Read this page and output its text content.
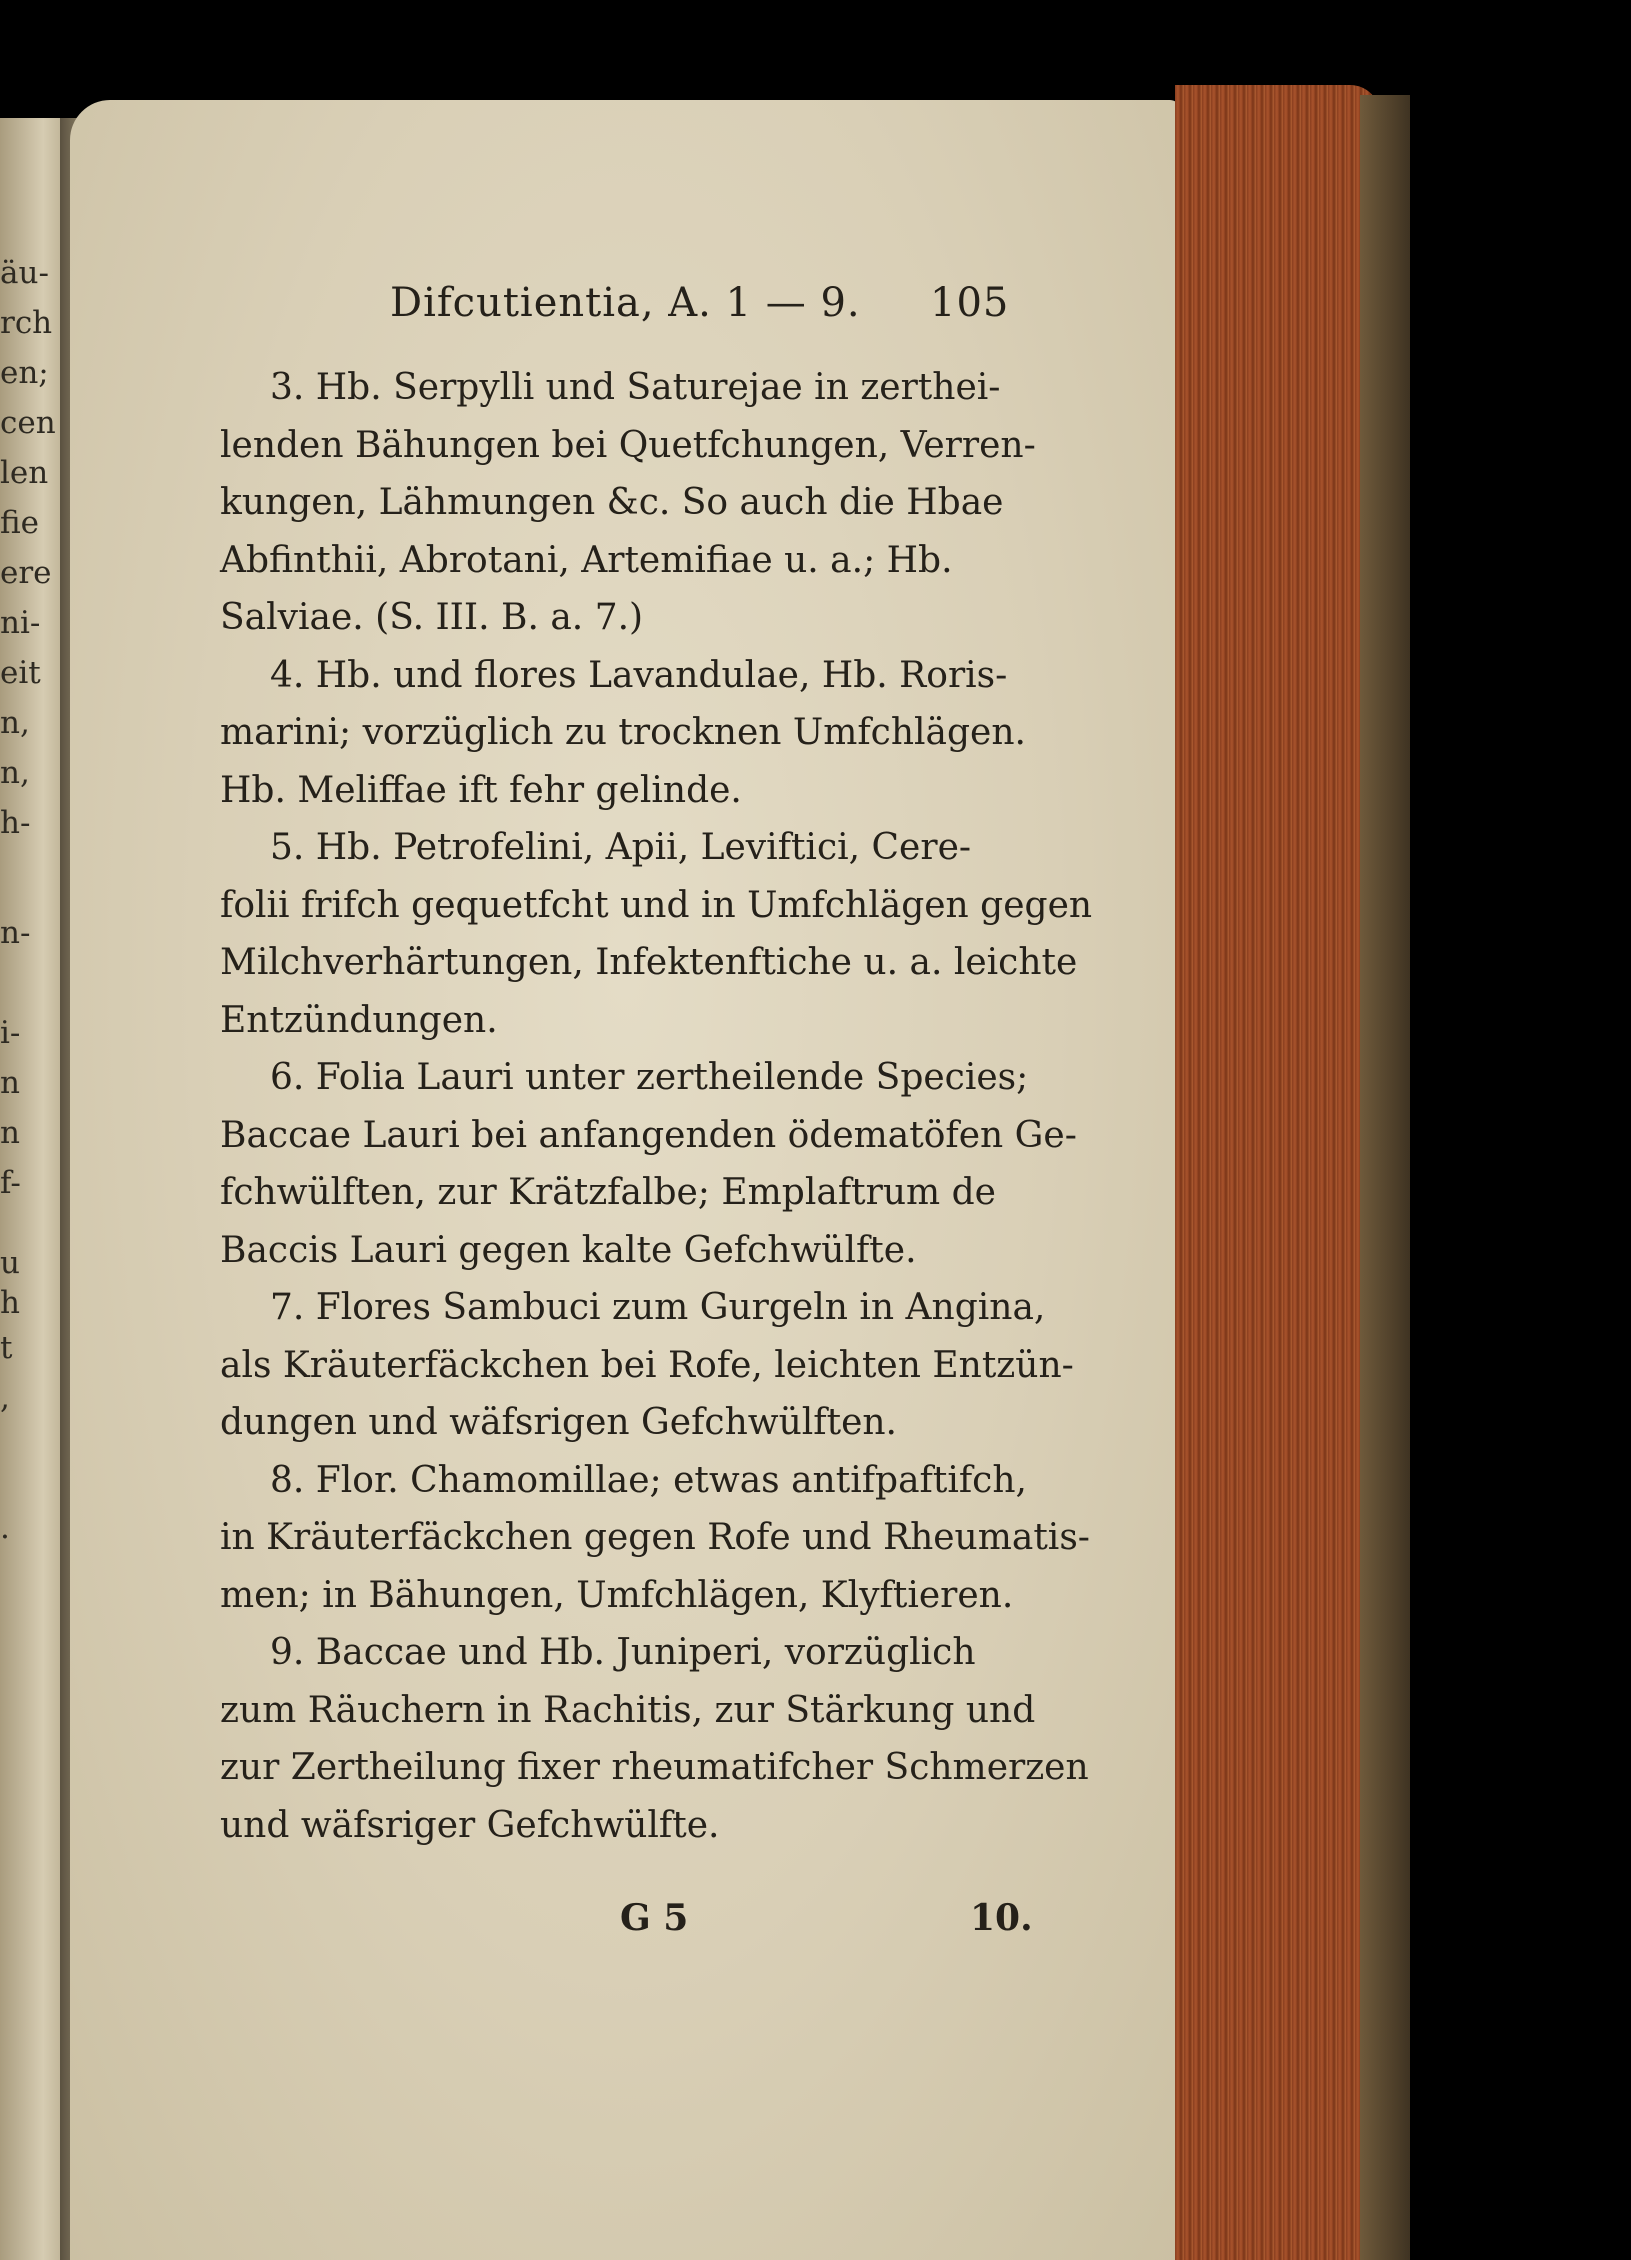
äu-
rch
en;
cen
len
fie
ere
ni-
eit
n,
n,
h-
n-
i-
n
n
f-
u
h
t
,
.
Difcutientia, A. 1 — 9. 105
3. Hb. Serpylli und Saturejae in zerthei-
lenden Bähungen bei Quetfchungen, Verren-
kungen, Lähmungen &c. So auch die Hbae
Abfinthii, Abrotani, Artemifiae u. a.; Hb.
Salviae. (S. III. B. a. 7.)
4. Hb. und flores Lavandulae, Hb. Roris-
marini; vorzüglich zu trocknen Umfchlägen.
Hb. Meliffae ift fehr gelinde.
5. Hb. Petrofelini, Apii, Leviftici, Cere-
folii frifch gequetfcht und in Umfchlägen gegen
Milchverhärtungen, Infektenftiche u. a. leichte
Entzündungen.
6. Folia Lauri unter zertheilende Species;
Baccae Lauri bei anfangenden ödematöfen Ge-
fchwülften, zur Krätzfalbe; Emplaftrum de
Baccis Lauri gegen kalte Gefchwülfte.
7. Flores Sambuci zum Gurgeln in Angina,
als Kräuterfäckchen bei Rofe, leichten Entzün-
dungen und wäfsrigen Gefchwülften.
8. Flor. Chamomillae; etwas antifpaftifch,
in Kräuterfäckchen gegen Rofe und Rheumatis-
men; in Bähungen, Umfchlägen, Klyftieren.
9. Baccae und Hb. Juniperi, vorzüglich
zum Räuchern in Rachitis, zur Stärkung und
zur Zertheilung fixer rheumatifcher Schmerzen
und wäfsriger Gefchwülfte.
G 5	10.
